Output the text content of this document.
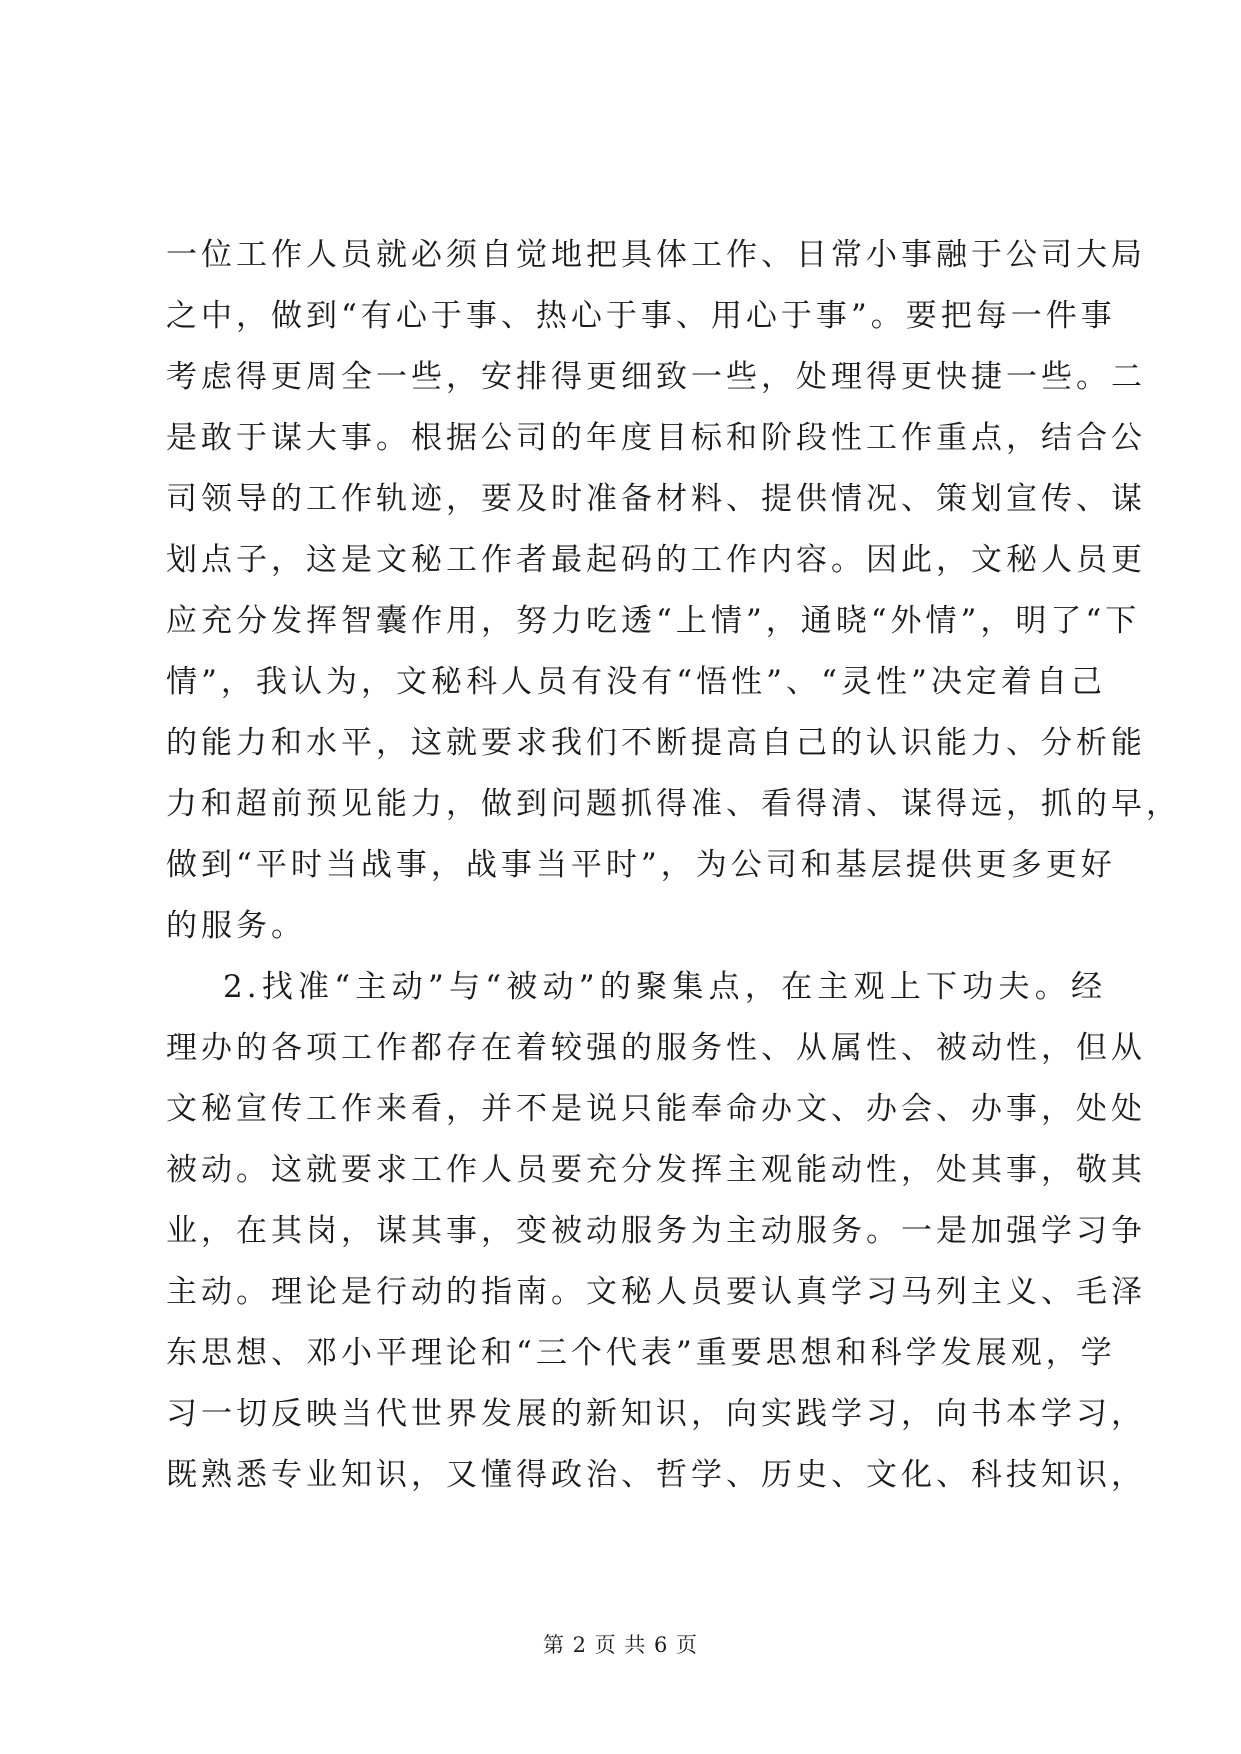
一位工作人员就必须自觉地把具体工作、日常小事融于公司大局
之中，做到“有心于事、热心于事、用心于事”。要把每一件事
考虑得更周全一些，安排得更细致一些，处理得更快捷一些。二
是敢于谋大事。根据公司的年度目标和阶段性工作重点，结合公
司领导的工作轨迹，要及时准备材料、提供情况、策划宣传、谋
划点子，这是文秘工作者最起码的工作内容。因此，文秘人员更
应充分发挥智囊作用，努力吃透“上情”，通晓“外情”，明了“下
情”，我认为，文秘科人员有没有“悟性”、“灵性”决定着自己
的能力和水平，这就要求我们不断提高自己的认识能力、分析能
力和超前预见能力，做到问题抓得准、看得清、谋得远，抓的早，
做到“平时当战事，战事当平时”，为公司和基层提供更多更好
的服务。
2.找准“主动”与“被动”的聚集点，在主观上下功夫。经
理办的各项工作都存在着较强的服务性、从属性、被动性，但从
文秘宣传工作来看，并不是说只能奉命办文、办会、办事，处处
被动。这就要求工作人员要充分发挥主观能动性，处其事，敬其
业，在其岗，谋其事，变被动服务为主动服务。一是加强学习争
主动。理论是行动的指南。文秘人员要认真学习马列主义、毛泽
东思想、邓小平理论和“三个代表”重要思想和科学发展观，学
习一切反映当代世界发展的新知识，向实践学习，向书本学习，
既熟悉专业知识，又懂得政治、哲学、历史、文化、科技知识，
第 2 页 共 6 页
